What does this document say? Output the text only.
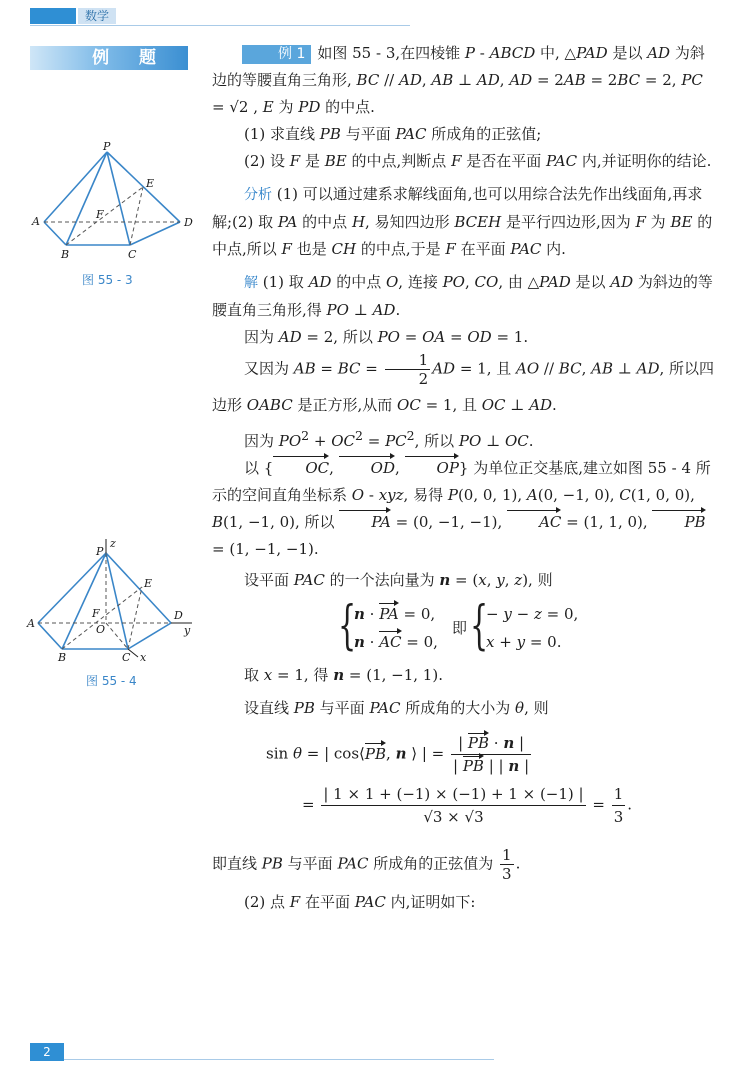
数学
例 题
P
E
A
F
D
B	C
图 55 - 3
P
z
E
A
F
O
D
y
B	C x
图 55 - 4

例 1 如图 55 - 3,在四棱锥 P - ABCD 中, △PAD 是以 AD 为斜边的等腰直角三角形, BC // AD, AB ⊥ AD, AD = 2AB = 2BC = 2, PC = √2 , E 为 PD 的中点.

(1) 求直线 PB 与平面 PAC 所成角的正弦值;

(2) 设 F 是 BE 的中点,判断点 F 是否在平面 PAC 内,并证明你的结论.

分析 (1) 可以通过建系求解线面角,也可以用综合法先作出线面角,再求解;(2) 取 PA 的中点 H, 易知四边形 BCEH 是平行四边形,因为 F 为 BE 的中点,所以 F 也是 CH 的中点,于是 F 在平面 PAC 内.

解 (1) 取 AD 的中点 O, 连接 PO, CO, 由 △PAD 是以 AD 为斜边的等腰直角三角形,得 PO ⊥ AD.

因为 AD = 2, 所以 PO = OA = OD = 1.

又因为 AB = BC = $\frac{1}{2}$ AD = 1, 且 AO // BC, AB ⊥ AD, 所以四边形 OABC 是正方形,从而 OC = 1, 且 OC ⊥ AD.

因为 $PO^2 + OC^2 = PC^2$, 所以 PO ⊥ OC.

以 { OC, OD, OP} 为单位正交基底,建立如图 55 - 4 所示的空间直角坐标系 O - xyz, 易得 P(0, 0, 1), A(0, −1, 0), C(1, 0, 0), B(1, −1, 0), 所以 PA = (0, −1, −1), AC = (1, 1, 0), PB = (1, −1, −1).

设平面 PAC 的一个法向量为 n = (x, y, z), 则

{
n · PA = 0,
n · AC = 0,
即 {
− y − z = 0,
x + y = 0.

取 x = 1, 得 n = (1, −1, 1).

设直线 PB 与平面 PAC 所成角的大小为 θ, 则

sin θ = | cos⟨PB, n ⟩ | = $\frac{| PB \cdot n |}{| PB | | n |}$
= $\frac{| 1 \times 1 + (-1) \times (-1) + 1 \times (-1) |}{√3 \times √3} = \frac{1}{3}$ .

即直线 PB 与平面 PAC 所成角的正弦值为 $\frac{1}{3}$ .

(2) 点 F 在平面 PAC 内,证明如下:

2
